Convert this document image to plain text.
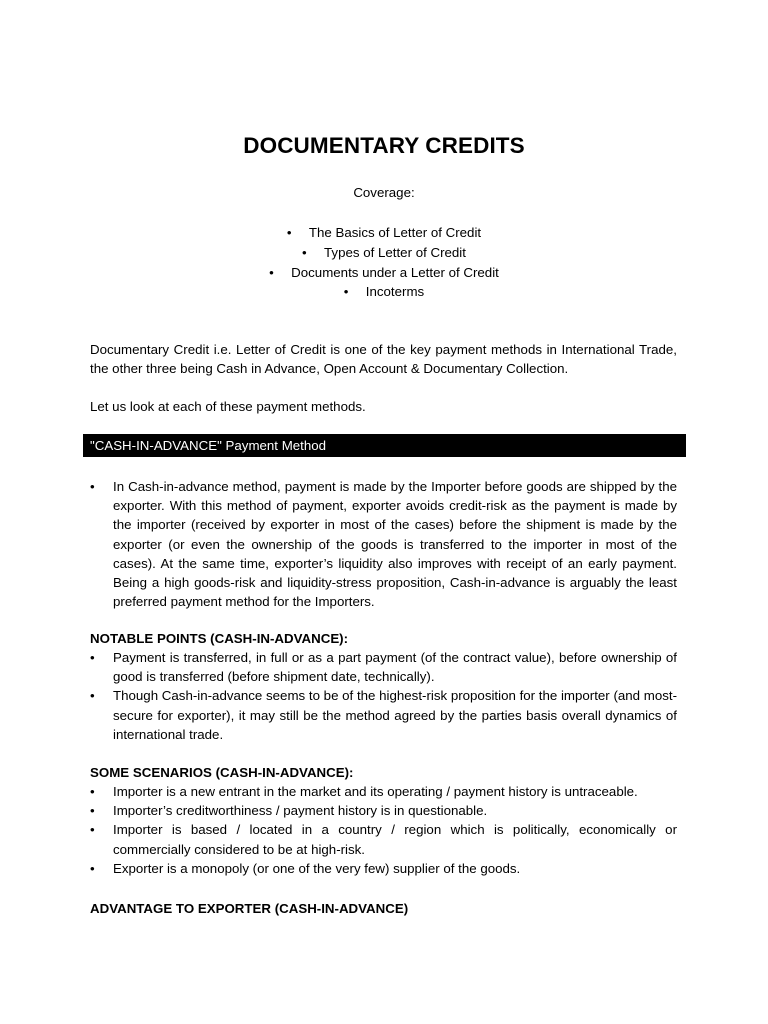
DOCUMENTARY CREDITS
Coverage:
• The Basics of Letter of Credit
• Types of Letter of Credit
• Documents under a Letter of Credit
• Incoterms

Documentary Credit i.e. Letter of Credit is one of the key payment methods in International Trade, the other three being Cash in Advance, Open Account & Documentary Collection.

Let us look at each of these payment methods.

"CASH-IN-ADVANCE" Payment Method
•	In Cash-in-advance method, payment is made by the Importer before goods are shipped by the exporter. With this method of payment, exporter avoids credit-risk as the payment is made by the importer (received by exporter in most of the cases) before the shipment is made by the exporter (or even the ownership of the goods is transferred to the importer in most of the cases). At the same time, exporter’s liquidity also improves with receipt of an early payment. Being a high goods-risk and liquidity-stress proposition, Cash-in-advance is arguably the least preferred payment method for the Importers.

NOTABLE POINTS (CASH-IN-ADVANCE):

•	Payment is transferred, in full or as a part payment (of the contract value), before ownership of good is transferred (before shipment date, technically).
•	Though Cash-in-advance seems to be of the highest-risk proposition for the importer (and most-secure for exporter), it may still be the method agreed by the parties basis overall dynamics of international trade.

SOME SCENARIOS (CASH-IN-ADVANCE):

•	Importer is a new entrant in the market and its operating / payment history is untraceable.
•	Importer’s creditworthiness / payment history is in questionable.
•	Importer is based / located in a country / region which is politically, economically or commercially considered to be at high-risk.
•	Exporter is a monopoly (or one of the very few) supplier of the goods.

ADVANTAGE TO EXPORTER (CASH-IN-ADVANCE)
